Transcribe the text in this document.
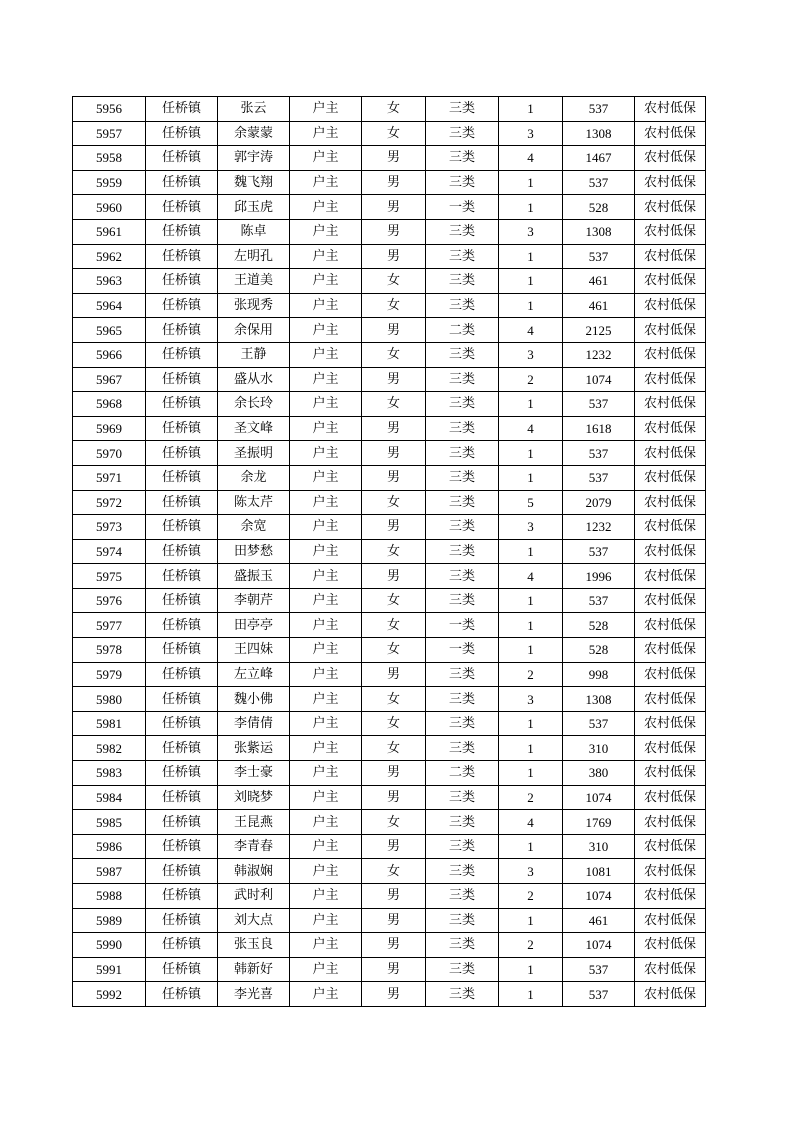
5956	任桥镇	张云	户主	女	三类	1	537	农村低保
5957	任桥镇	余蒙蒙	户主	女	三类	3	1308	农村低保
5958	任桥镇	郭宇涛	户主	男	三类	4	1467	农村低保
5959	任桥镇	魏飞翔	户主	男	三类	1	537	农村低保
5960	任桥镇	邱玉虎	户主	男	一类	1	528	农村低保
5961	任桥镇	陈卓	户主	男	三类	3	1308	农村低保
5962	任桥镇	左明孔	户主	男	三类	1	537	农村低保
5963	任桥镇	王道美	户主	女	三类	1	461	农村低保
5964	任桥镇	张现秀	户主	女	三类	1	461	农村低保
5965	任桥镇	余保用	户主	男	二类	4	2125	农村低保
5966	任桥镇	王静	户主	女	三类	3	1232	农村低保
5967	任桥镇	盛从水	户主	男	三类	2	1074	农村低保
5968	任桥镇	余长玲	户主	女	三类	1	537	农村低保
5969	任桥镇	圣文峰	户主	男	三类	4	1618	农村低保
5970	任桥镇	圣振明	户主	男	三类	1	537	农村低保
5971	任桥镇	余龙	户主	男	三类	1	537	农村低保
5972	任桥镇	陈太芹	户主	女	三类	5	2079	农村低保
5973	任桥镇	余宽	户主	男	三类	3	1232	农村低保
5974	任桥镇	田梦愁	户主	女	三类	1	537	农村低保
5975	任桥镇	盛振玉	户主	男	三类	4	1996	农村低保
5976	任桥镇	李朝芹	户主	女	三类	1	537	农村低保
5977	任桥镇	田亭亭	户主	女	一类	1	528	农村低保
5978	任桥镇	王四妹	户主	女	一类	1	528	农村低保
5979	任桥镇	左立峰	户主	男	三类	2	998	农村低保
5980	任桥镇	魏小佛	户主	女	三类	3	1308	农村低保
5981	任桥镇	李倩倩	户主	女	三类	1	537	农村低保
5982	任桥镇	张紫运	户主	女	三类	1	310	农村低保
5983	任桥镇	李士豪	户主	男	二类	1	380	农村低保
5984	任桥镇	刘晓梦	户主	男	三类	2	1074	农村低保
5985	任桥镇	王昆燕	户主	女	三类	4	1769	农村低保
5986	任桥镇	李青春	户主	男	三类	1	310	农村低保
5987	任桥镇	韩淑娴	户主	女	三类	3	1081	农村低保
5988	任桥镇	武时利	户主	男	三类	2	1074	农村低保
5989	任桥镇	刘大点	户主	男	三类	1	461	农村低保
5990	任桥镇	张玉良	户主	男	三类	2	1074	农村低保
5991	任桥镇	韩新好	户主	男	三类	1	537	农村低保
5992	任桥镇	李光喜	户主	男	三类	1	537	农村低保
